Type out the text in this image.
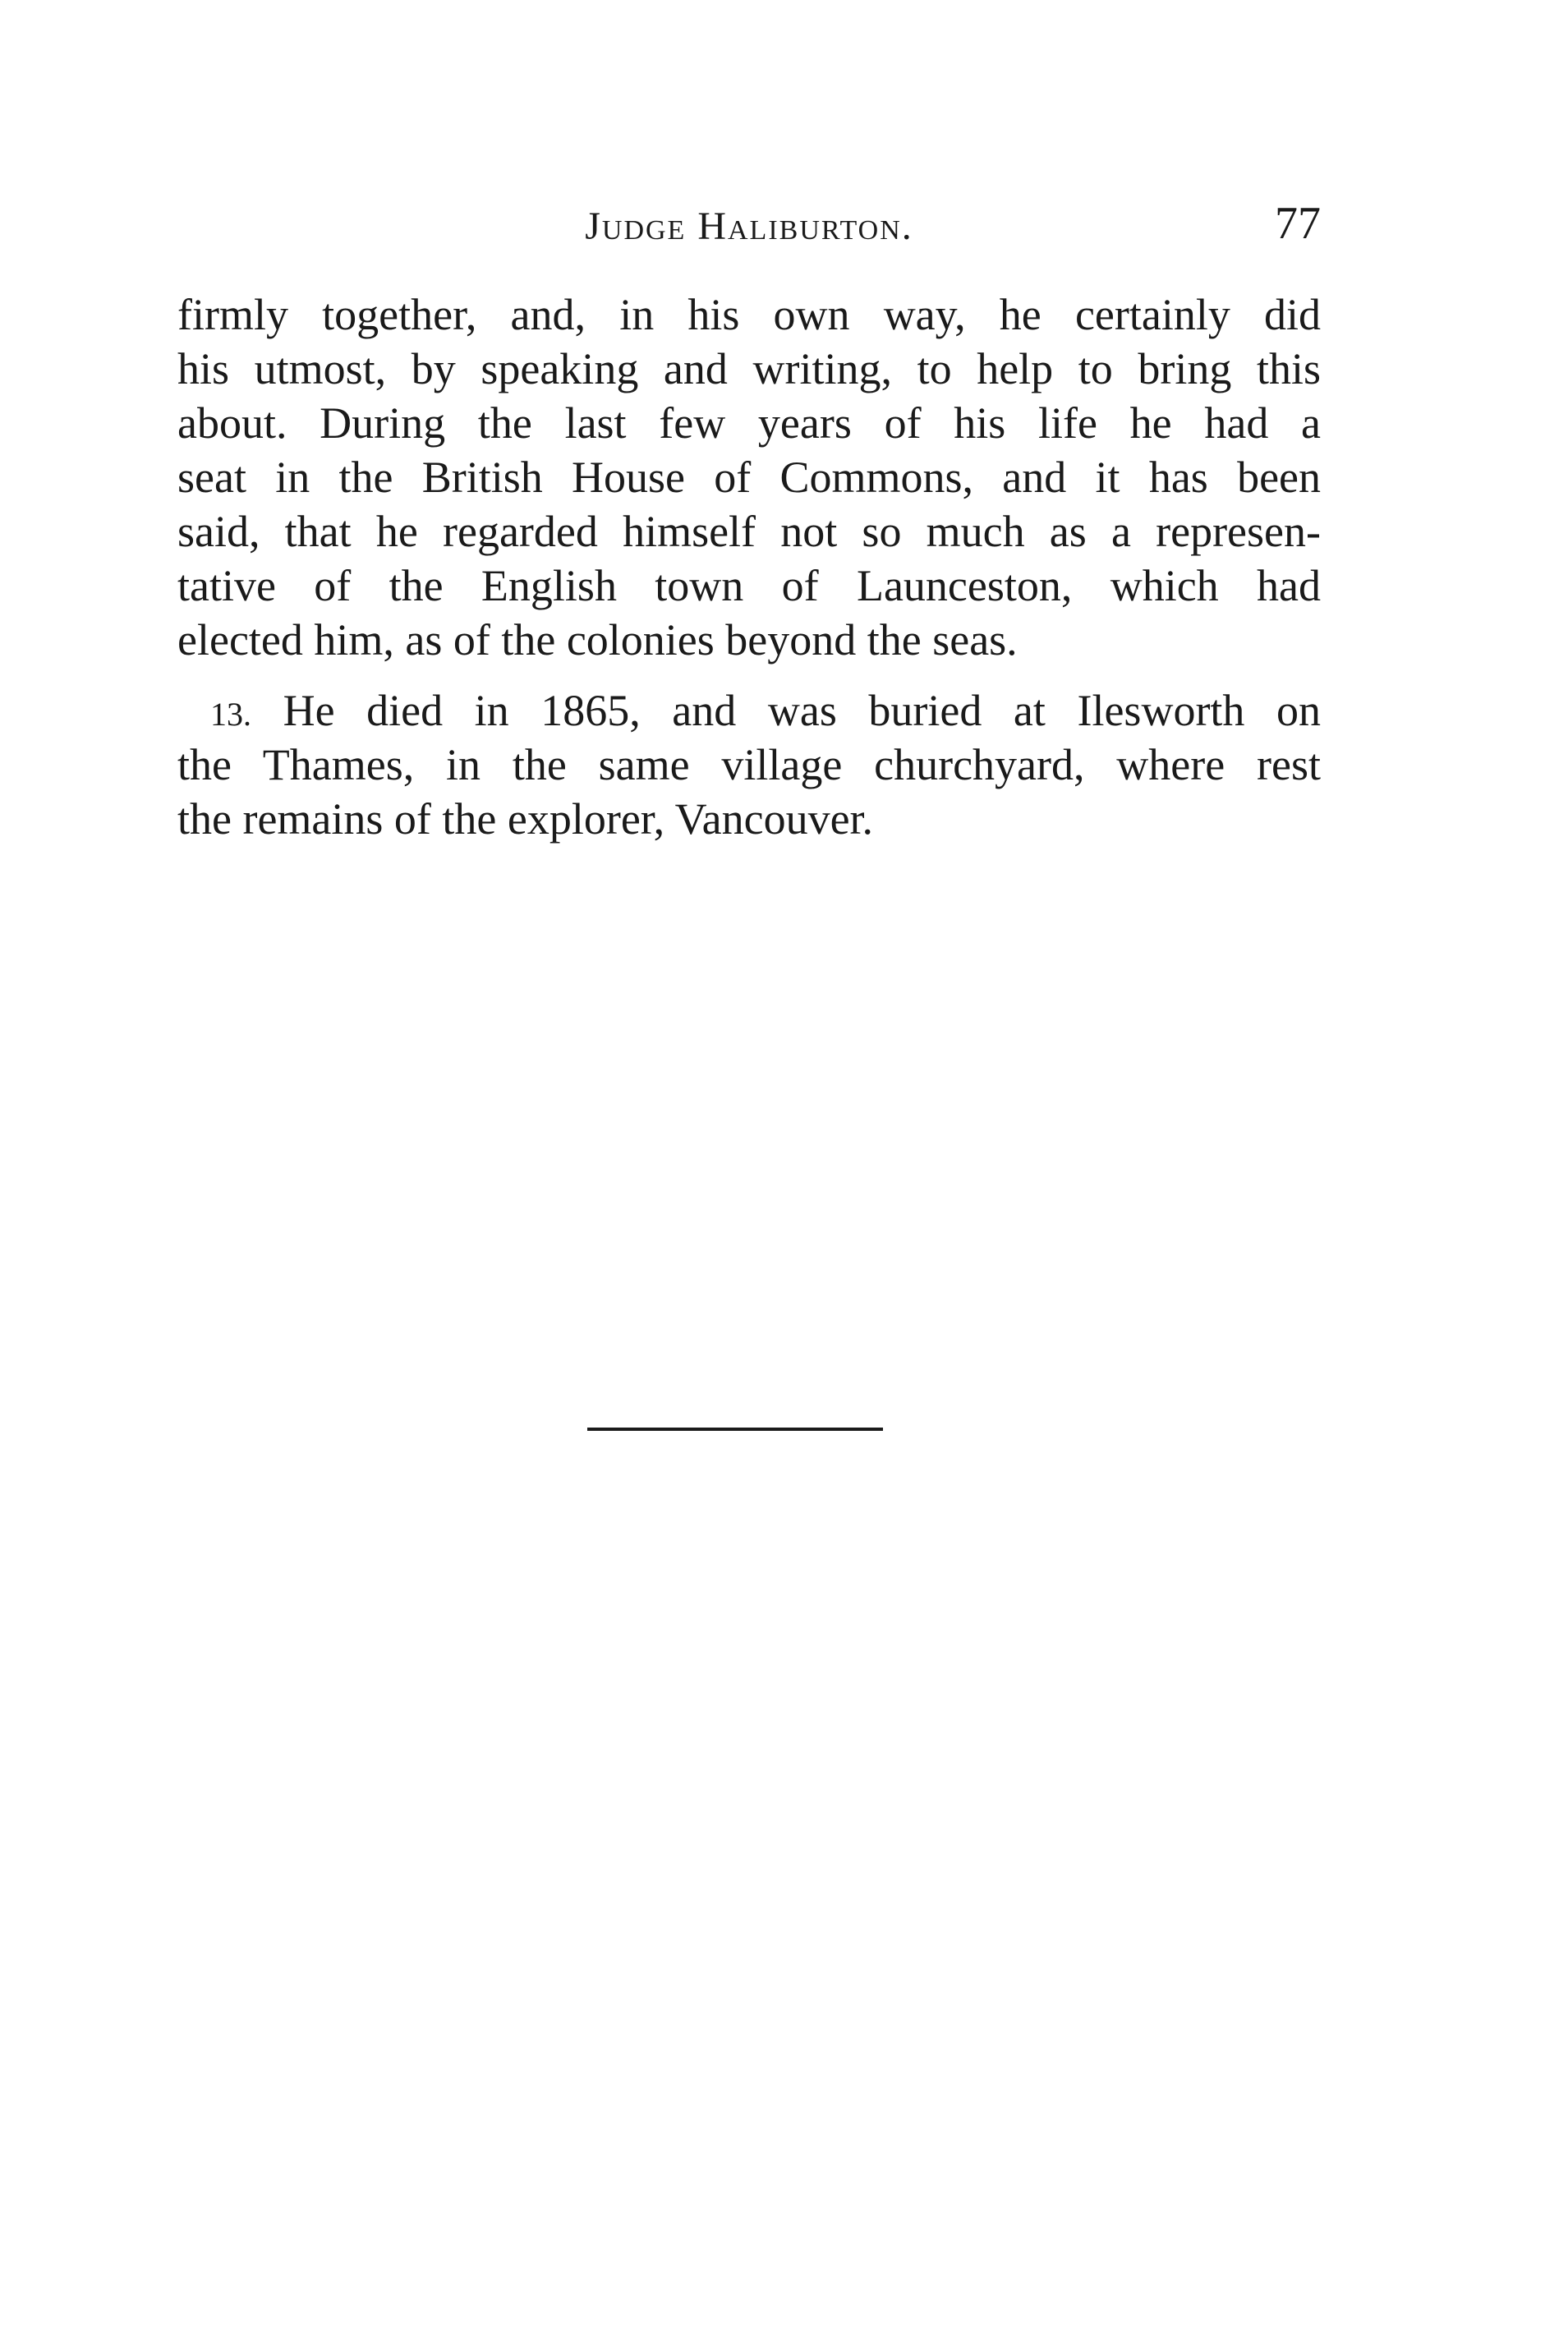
Judge Haliburton.	77
firmly together, and, in his own way, he certainly did
his utmost, by speaking and writing, to help to bring this
about. During the last few years of his life he had a
seat in the British House of Commons, and it has been
said, that he regarded himself not so much as a represen-
tative of the English town of Launceston, which had
elected him, as of the colonies beyond the seas.
13. He died in 1865, and was buried at Ilesworth on
the Thames, in the same village churchyard, where rest
the remains of the explorer, Vancouver.
